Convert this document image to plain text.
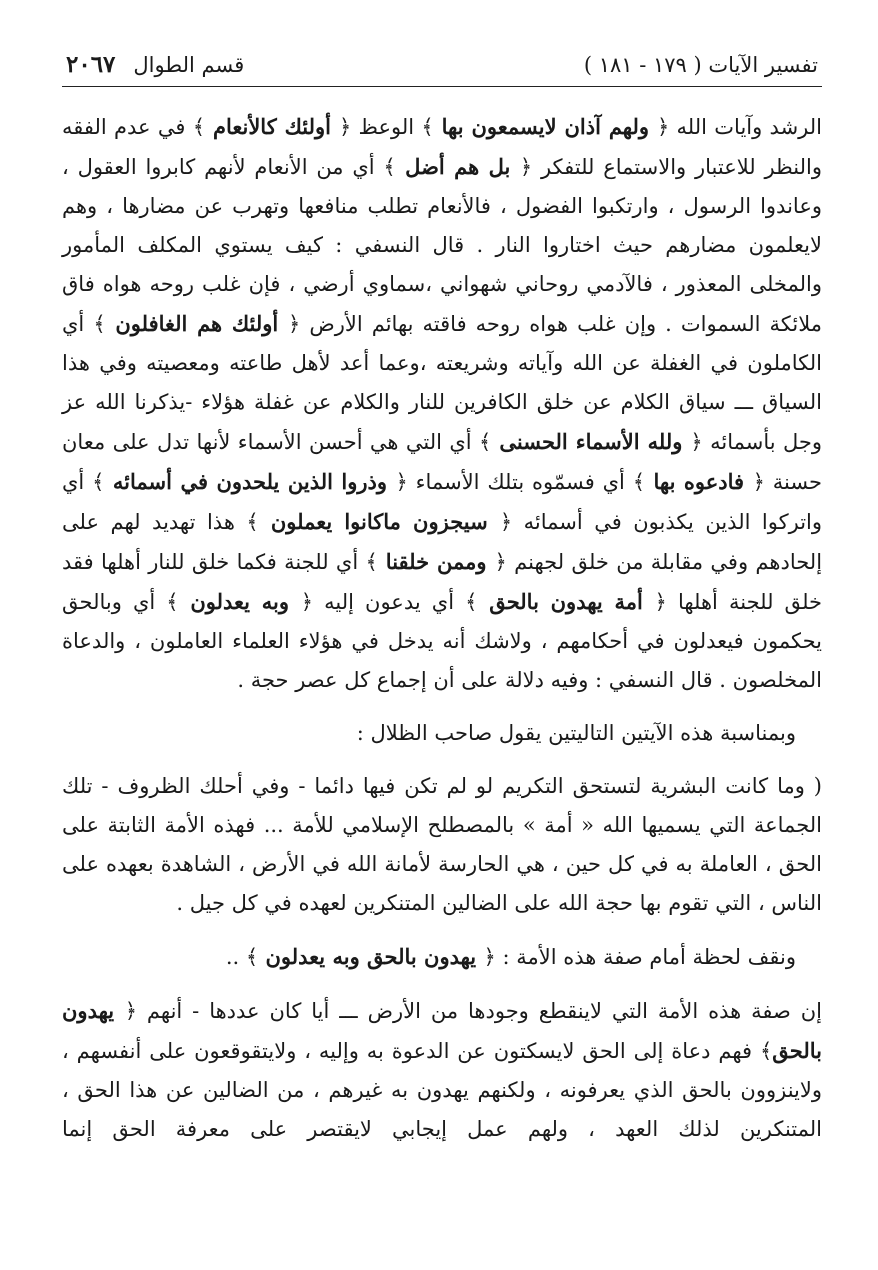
تفسير الآيات ( ١٧٩ - ١٨١ )
قسم الطوال
٢٠٦٧

الرشد وآيات الله ﴿ ولهم آذان لايسمعون بها ﴾ الوعظ ﴿ أولئك كالأنعام ﴾ في عدم الفقه والنظر للاعتبار والاستماع للتفكر ﴿ بل هم أضل ﴾ أي من الأنعام لأنهم كابروا العقول ، وعاندوا الرسول ، وارتكبوا الفضول ، فالأنعام تطلب منافعها وتهرب عن مضارها ، وهم لايعلمون مضارهم حيث اختاروا النار . قال النسفي : كيف يستوي المكلف المأمور والمخلى المعذور ، فالآدمي روحاني شهواني ،سماوي أرضي ، فإن غلب روحه هواه فاق ملائكة السموات . وإن غلب هواه روحه فاقته بهائم الأرض ﴿ أولئك هم الغافلون ﴾ أي الكاملون في الغفلة عن الله وآياته وشريعته ،وعما أعد لأهل طاعته ومعصيته وفي هذا السياق ـــ سياق الكلام عن خلق الكافرين للنار والكلام عن غفلة هؤلاء -يذكرنا الله عز وجل بأسمائه ﴿ ولله الأسماء الحسنى ﴾ أي التي هي أحسن الأسماء لأنها تدل على معان حسنة ﴿ فادعوه بها ﴾ أي فسمّوه بتلك الأسماء ﴿ وذروا الذين يلحدون في أسمائه ﴾ أي واتركوا الذين يكذبون في أسمائه ﴿ سيجزون ماكانوا يعملون ﴾ هذا تهديد لهم على إلحادهم وفي مقابلة من خلق لجهنم ﴿ وممن خلقنا ﴾ أي للجنة فكما خلق للنار أهلها فقد خلق للجنة أهلها ﴿ أمة يهدون بالحق ﴾ أي يدعون إليه ﴿ وبه يعدلون ﴾ أي وبالحق يحكمون فيعدلون في أحكامهم ، ولاشك أنه يدخل في هؤلاء العلماء العاملون ، والدعاة المخلصون . قال النسفي : وفيه دلالة على أن إجماع كل عصر حجة .

وبمناسبة هذه الآيتين التاليتين يقول صاحب الظلال :

( وما كانت البشرية لتستحق التكريم لو لم تكن فيها دائما - وفي أحلك الظروف - تلك الجماعة التي يسميها الله « أمة » بالمصطلح الإسلامي للأمة ... فهذه الأمة الثابتة على الحق ، العاملة به في كل حين ، هي الحارسة لأمانة الله في الأرض ، الشاهدة بعهده على الناس ، التي تقوم بها حجة الله على الضالين المتنكرين لعهده في كل جيل .

ونقف لحظة أمام صفة هذه الأمة : ﴿ يهدون بالحق وبه يعدلون ﴾ ..

إن صفة هذه الأمة التي لاينقطع وجودها من الأرض ـــ أيا كان عددها - أنهم ﴿ يهدون بالحق﴾ فهم دعاة إلى الحق لايسكتون عن الدعوة به وإليه ، ولايتقوقعون على أنفسهم ، ولاينزوون بالحق الذي يعرفونه ، ولكنهم يهدون به غيرهم ، من الضالين عن هذا الحق ، المتنكرين لذلك العهد ، ولهم عمل إيجابي لايقتصر على معرفة الحق إنما
